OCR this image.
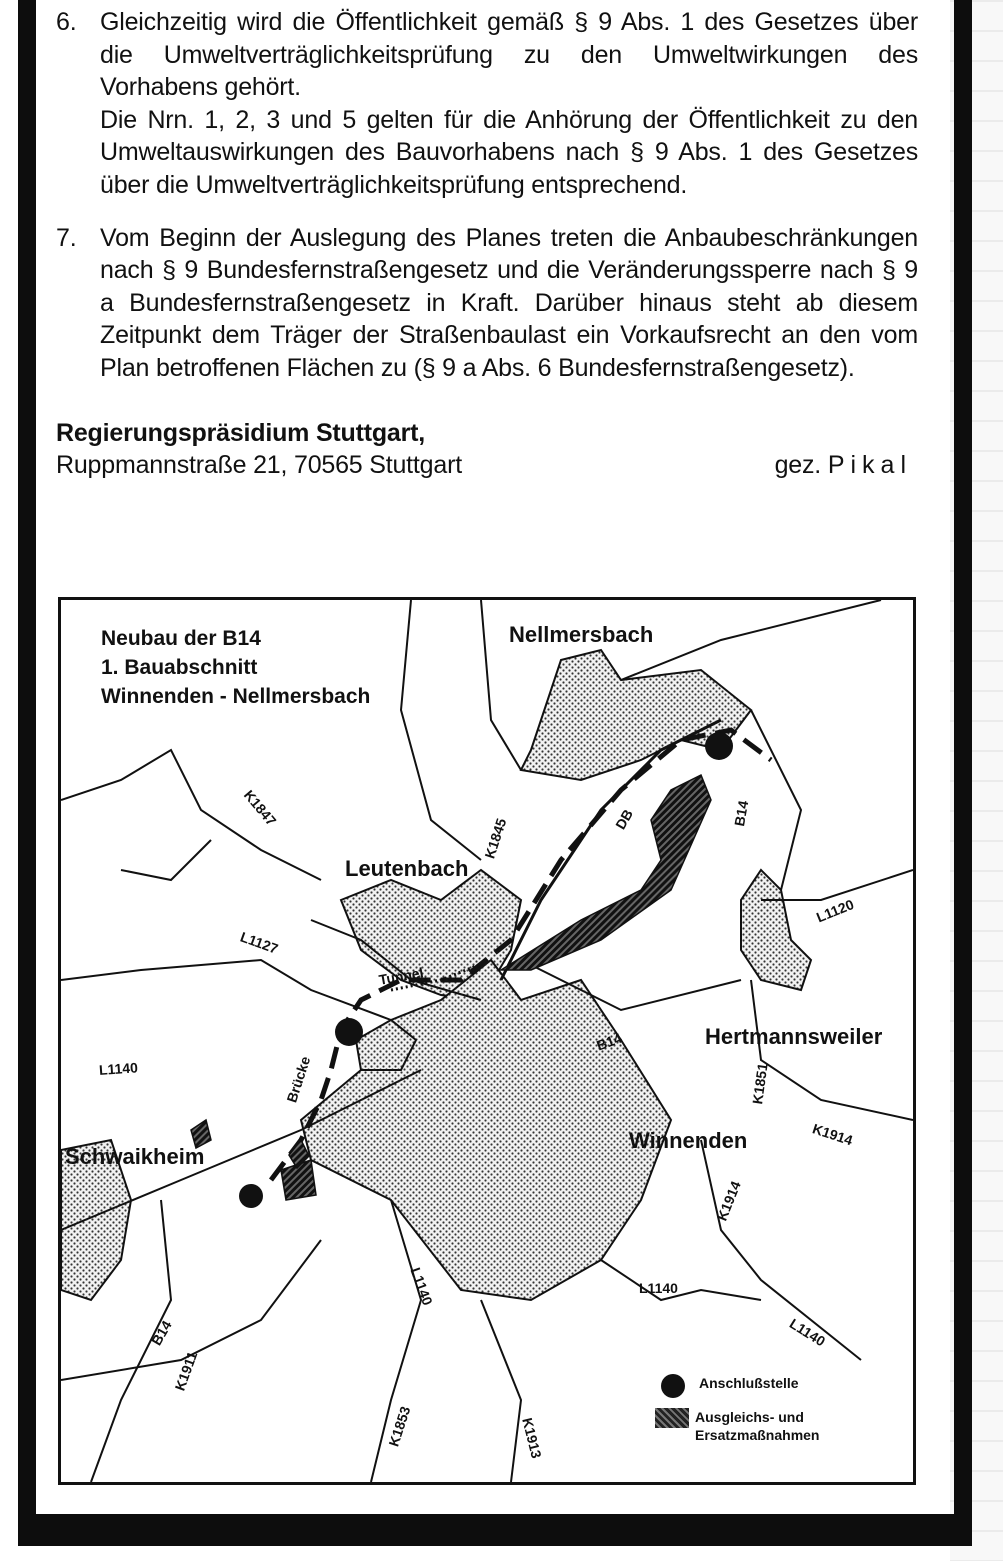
6. Gleichzeitig wird die Öffentlichkeit gemäß § 9 Abs. 1 des Gesetzes über die Umweltverträglichkeitsprüfung zu den Umweltwirkungen des Vorhabens gehört.

Die Nrn. 1, 2, 3 und 5 gelten für die Anhörung der Öffentlichkeit zu den Umweltauswirkungen des Bauvorhabens nach § 9 Abs. 1 des Gesetzes über die Umweltverträglichkeitsprüfung entsprechend.

7. Vom Beginn der Auslegung des Planes treten die Anbaubeschränkungen nach § 9 Bundesfernstraßengesetz und die Veränderungssperre nach § 9 a Bundesfernstraßengesetz in Kraft. Darüber hinaus steht ab diesem Zeitpunkt dem Träger der Straßenbaulast ein Vorkaufsrecht an den vom Plan betroffenen Flächen zu (§ 9 a Abs. 6 Bundesfernstraßengesetz).

Regierungspräsidium Stuttgart,
Ruppmannstraße 21, 70565 Stuttgart	gez. Pikal
Neubau der B14
1. Bauabschnitt
Winnenden - Nellmersbach
Nellmersbach
Leutenbach
Hertmannsweiler
Winnenden
Schwaikheim
K1847
K1845	DB	B14
L1120
L1127
Tunnel
B14
Brücke
L1140	K1851
K1914
K1914
L1140
L1140
L1140
B14
K1911
K1853	K1913
Anschlußstelle
Ausgleichs- und
Ersatzmaßnahmen
